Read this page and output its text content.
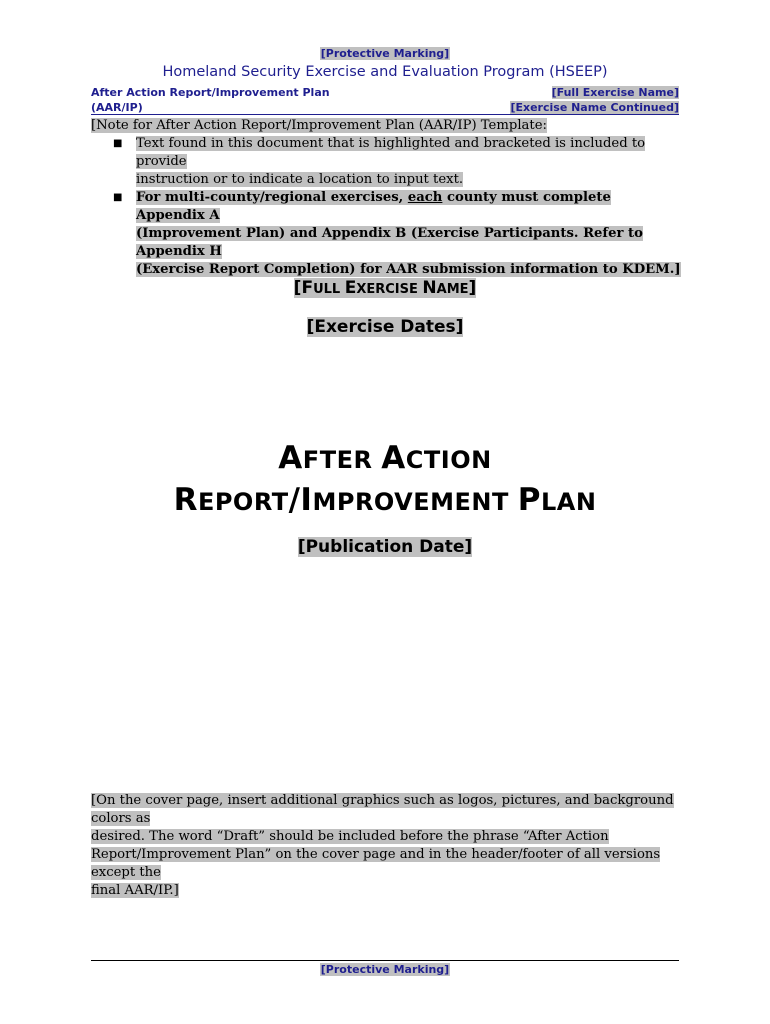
[Protective Marking]
Homeland Security Exercise and Evaluation Program (HSEEP)
After Action Report/Improvement Plan
(AAR/IP)
[Full Exercise Name]
[Exercise Name Continued]
[Note for After Action Report/Improvement Plan (AAR/IP) Template:
■ Text found in this document that is highlighted and bracketed is included to provide
instruction or to indicate a location to input text.
■ For multi-county/regional exercises, each county must complete Appendix A
(Improvement Plan) and Appendix B (Exercise Participants. Refer to Appendix H
(Exercise Report Completion) for AAR submission information to KDEM.]
[FULL EXERCISE NAME]
[Exercise Dates]
AFTER ACTION
REPORT/IMPROVEMENT PLAN
[Publication Date]
[On the cover page, insert additional graphics such as logos, pictures, and background colors as
desired. The word “Draft” should be included before the phrase “After Action
Report/Improvement Plan” on the cover page and in the header/footer of all versions except the
final AAR/IP.]
[Protective Marking]
